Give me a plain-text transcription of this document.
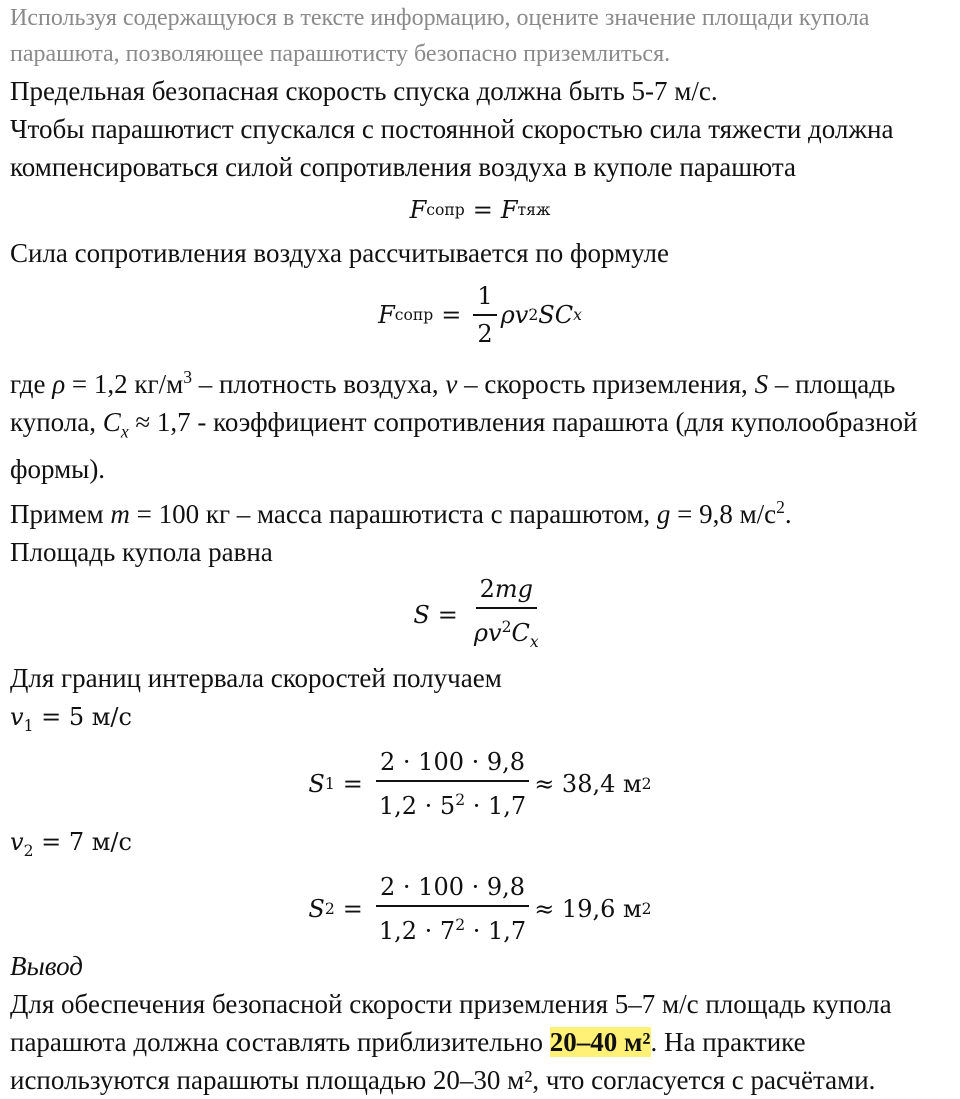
Используя содержащуюся в тексте информацию, оцените значение площади купола парашюта, позволяющее парашютисту безопасно приземлиться.

Предельная безопасная скорость спуска должна быть 5-7 м/с.

Чтобы парашютист спускался с постоянной скоростью сила тяжести должна компенсироваться силой сопротивления воздуха в куполе парашюта

F сопр = F тяж

Сила сопротивления воздуха рассчитывается по формуле

F сопр = $\frac{1}{2}$ ρ v 2 S C x

где ρ = 1,2 $кг/м^3$ – плотность воздуха, v – скорость приземления, S – площадь купола, $C_x \approx 1,7$ - коэффициент сопротивления парашюта (для куполообразной формы).

Примем m = 100 кг – масса парашютиста с парашютом, g = 9,8 $м/с^2$.

Площадь купола равна

$S = \frac{2mg}{\rho v^2C_x}$

Для границ интервала скоростей получаем

$v_1 = 5$ м/с

S $1 = \frac{2 \cdot 100 \cdot 9,8}{1,2 \cdot 5^2 \cdot 1,7} \approx 38,4$ м 2

$v_2 = 7$ м/с

S $2 = \frac{2 \cdot 100 \cdot 9,8}{1,2 \cdot 7^2 \cdot 1,7} \approx 19,6$ м 2

Вывод

Для обеспечения безопасной скорости приземления 5–7 м/с площадь купола парашюта должна составлять приблизительно 20–40 м². На практике используются парашюты площадью 20–30 м², что согласуется с расчётами.
